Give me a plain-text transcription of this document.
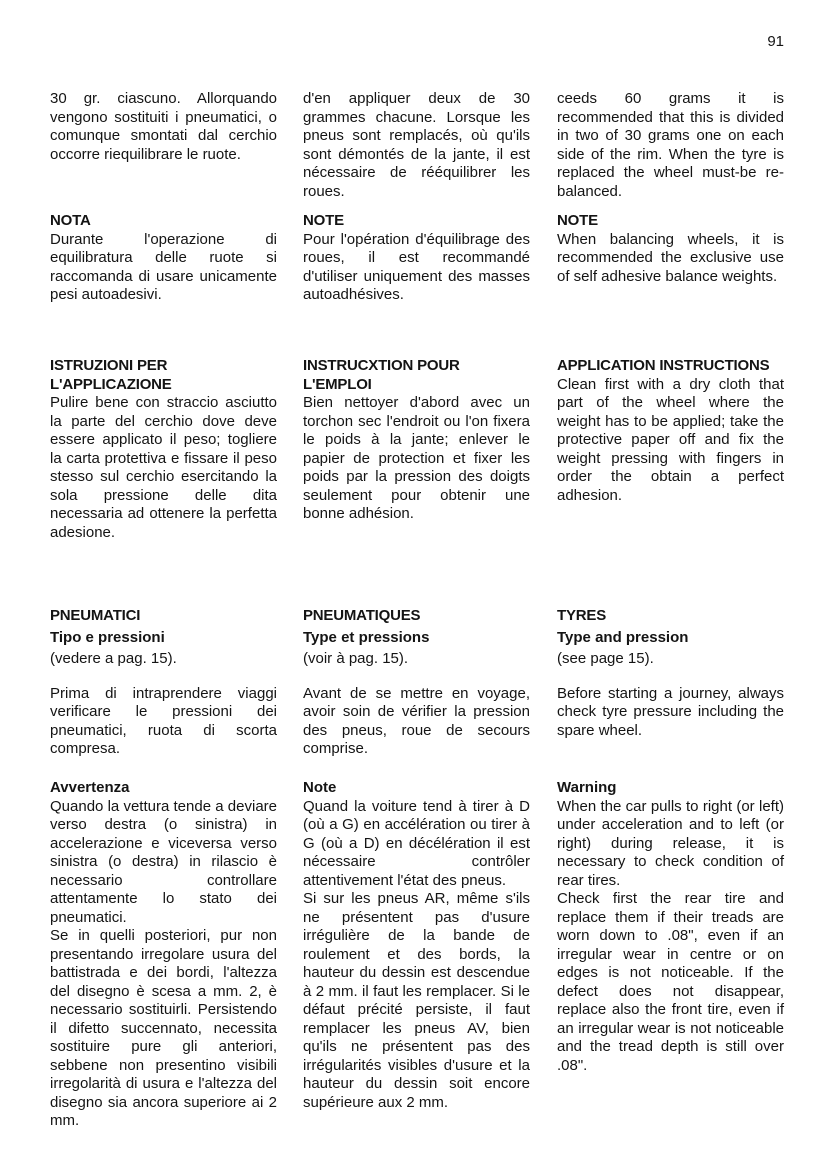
91

30 gr. ciascuno. Allorquando vengono sostituiti i pneumatici, o comunque smontati dal cerchio occorre riequilibrare le ruote.

NOTA

Durante l'operazione di equilibratura delle ruote si raccomanda di usare unicamente pesi autoadesivi.

ISTRUZIONI PER L'APPLICAZIONE

Pulire bene con straccio asciutto la parte del cerchio dove deve essere applicato il peso; togliere la carta protettiva e fissare il peso stesso sul cerchio esercitando la sola pressione delle dita necessaria ad ottenere la perfetta adesione.

PNEUMATICI

Tipo e pressioni

(vedere a pag. 15).

Prima di intraprendere viaggi verificare le pressioni dei pneumatici, ruota di scorta compresa.

Avvertenza

Quando la vettura tende a deviare verso destra (o sinistra) in accelerazione e viceversa verso sinistra (o destra) in rilascio è necessario controllare attentamente lo stato dei pneumatici.

Se in quelli posteriori, pur non presentando irregolare usura del battistrada e dei bordi, l'altezza del disegno è scesa a mm. 2, è necessario sostituirli. Persistendo il difetto succennato, necessita sostituire pure gli anteriori, sebbene non presentino visibili irregolarità di usura e l'altezza del disegno sia ancora superiore ai 2 mm.

d'en appliquer deux de 30 grammes chacune. Lorsque les pneus sont remplacés, où qu'ils sont démontés de la jante, il est nécessaire de rééquilibrer les roues.

NOTE

Pour l'opération d'équilibrage des roues, il est recommandé d'utiliser uniquement des masses autoadhésives.

INSTRUCXTION POUR L'EMPLOI

Bien nettoyer d'abord avec un torchon sec l'endroit ou l'on fixera le poids à la jante; enlever le papier de protection et fixer les poids par la pression des doigts seulement pour obtenir une bonne adhésion.

PNEUMATIQUES

Type et pressions

(voir à pag. 15).

Avant de se mettre en voyage, avoir soin de vérifier la pression des pneus, roue de secours comprise.

Note

Quand la voiture tend à tirer à D (où a G) en accélération ou tirer à G (où a D) en décélération il est nécessaire contrôler attentivement l'état des pneus.

Si sur les pneus AR, même s'ils ne présentent pas d'usure irrégulière de la bande de roulement et des bords, la hauteur du dessin est descendue à 2 mm. il faut les remplacer. Si le défaut précité persiste, il faut remplacer les pneus AV, bien qu'ils ne présentent pas des irrégularités visibles d'usure et la hauteur du dessin soit encore supérieure aux 2 mm.

ceeds 60 grams it is recommended that this is divided in two of 30 grams one on each side of the rim. When the tyre is replaced the wheel must-be re-balanced.

NOTE

When balancing wheels, it is recommended the exclusive use of self adhesive balance weights.

APPLICATION INSTRUCTIONS

Clean first with a dry cloth that part of the wheel where the weight has to be applied; take the protective paper off and fix the weight pressing with fingers in order the obtain a perfect adhesion.

TYRES

Type and pression

(see page 15).

Before starting a journey, always check tyre pressure including the spare wheel.

Warning

When the car pulls to right (or left) under acceleration and to left (or right) during release, it is necessary to check condition of rear tires.

Check first the rear tire and replace them if their treads are worn down to .08", even if an irregular wear in centre or on edges is not noticeable. If the defect does not disappear, replace also the front tire, even if an irregular wear is not noticeable and the tread depth is still over .08".
